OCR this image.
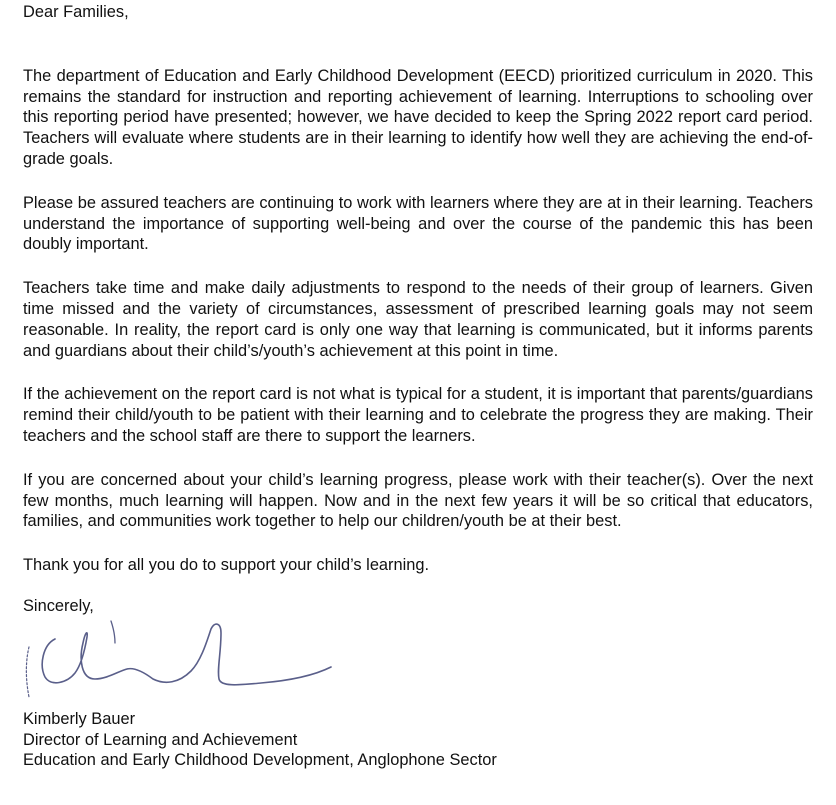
Dear Families,

The department of Education and Early Childhood Development (EECD) prioritized curriculum in 2020. This remains the standard for instruction and reporting achievement of learning. Interruptions to schooling over this reporting period have presented; however, we have decided to keep the Spring 2022 report card period. Teachers will evaluate where students are in their learning to identify how well they are achieving the end-of-grade goals.

Please be assured teachers are continuing to work with learners where they are at in their learning. Teachers understand the importance of supporting well-being and over the course of the pandemic this has been doubly important.

Teachers take time and make daily adjustments to respond to the needs of their group of learners. Given time missed and the variety of circumstances, assessment of prescribed learning goals may not seem reasonable. In reality, the report card is only one way that learning is communicated, but it informs parents and guardians about their child’s/youth’s achievement at this point in time.

If the achievement on the report card is not what is typical for a student, it is important that parents/guardians remind their child/youth to be patient with their learning and to celebrate the progress they are making. Their teachers and the school staff are there to support the learners.

If you are concerned about your child’s learning progress, please work with their teacher(s). Over the next few months, much learning will happen. Now and in the next few years it will be so critical that educators, families, and communities work together to help our children/youth be at their best.

Thank you for all you do to support your child’s learning.

Sincerely,

Kimberly Bauer

Director of Learning and Achievement

Education and Early Childhood Development, Anglophone Sector
